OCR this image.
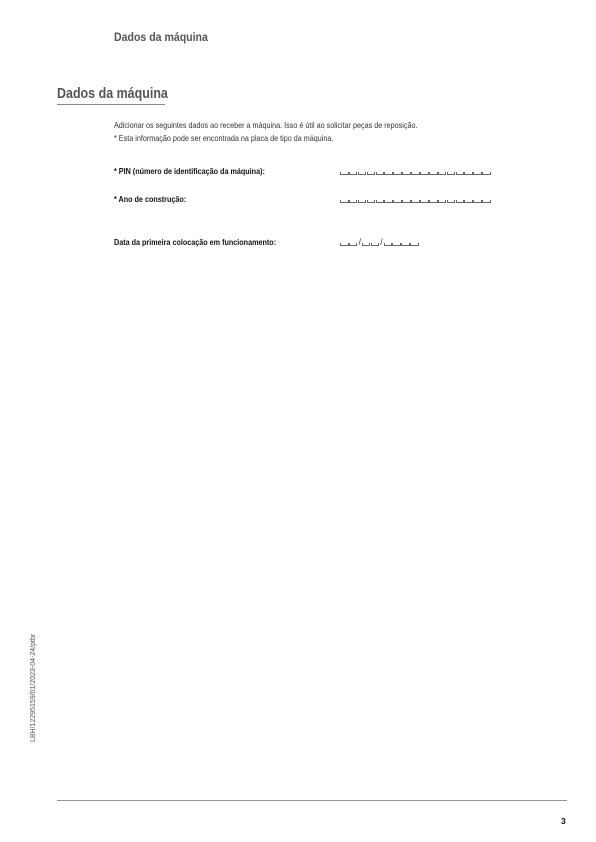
Dados da máquina
Dados da máquina

Adicionar os seguintes dados ao receber a máquina. Isso é útil ao solicitar peças de reposição.

* Esta informação pode ser encontrada na placa de tipo da máquina.

* PIN (número de identificação da máquina):
* Ano de construção:
Data da primeira colocação em funcionamento:	/ /
LBH/12295159/01/2023-04-24/ptbr
3
